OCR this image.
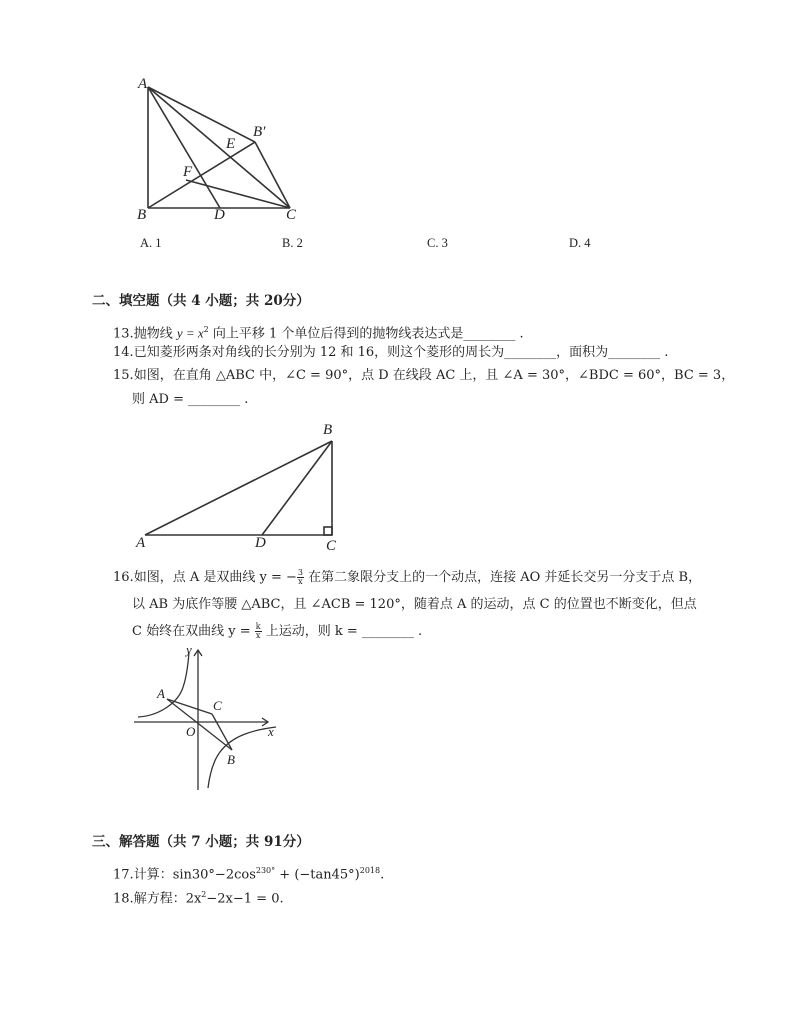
A
B	C
D
E
F
B′
A. 1	B. 2	C. 3	D. 4
二、填空题（共 4 小题；共 20分）
13.抛物线 $y = x^2$ 向上平移 1 个单位后得到的抛物线表达式是________ .
14.已知菱形两条对角线的长分别为 12 和 16，则这个菱形的周长为________，面积为________ .
15.如图，在直角 △ABC 中，∠C = 90°，点 D 在线段 AC 上，且 ∠A = 30°，∠BDC = 60°，BC = 3，
则 AD = ________ .
A
B
C
D
16.如图，点 A 是双曲线 y = − $\frac{3}{x}$ 在第二象限分支上的一个动点，连接 AO 并延长交另一分支于点 B，
以 AB 为底作等腰 △ABC，且 ∠ACB = 120°，随着点 A 的运动，点 C 的位置也不断变化，但点
C 始终在双曲线 $y = \frac{k}{x}$ 上运动，则 k = ________ .
y
x
O
A
C
B
三、解答题（共 7 小题；共 91分）
17.计算：$\sin 30^\circ-2\cos^{230^\circ} + (-\tan 45^\circ)^{2018}$.
18.解方程：$2x^2-2x-1 = 0$.
